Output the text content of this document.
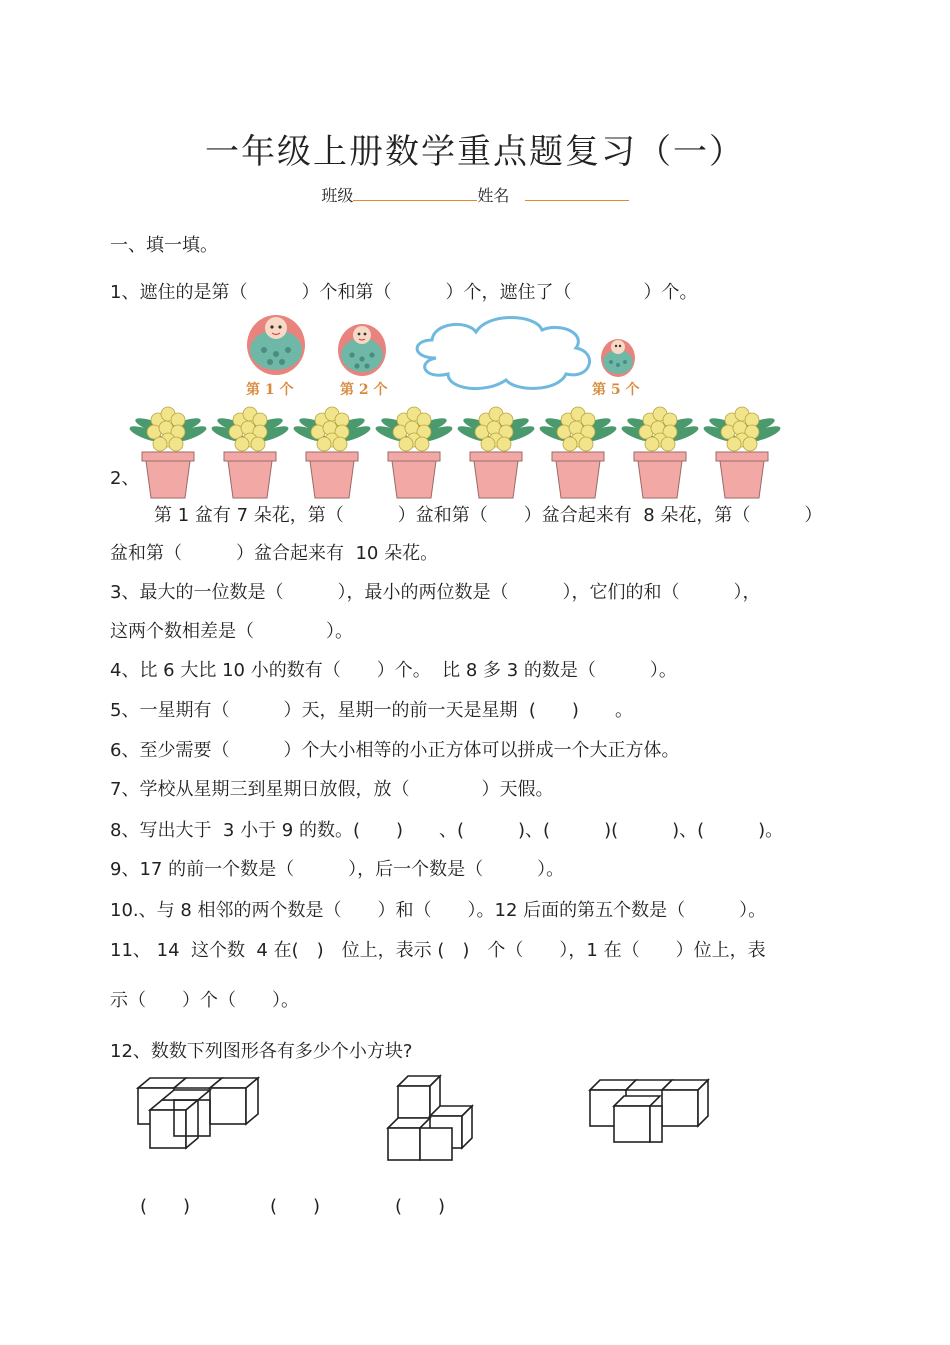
一年级上册数学重点题复习（一）
班级	姓名
一、填一填。
1、遮住的是第（　　　）个和第（　　　）个，遮住了（　　　　）个。
第 1 个	第 2 个	第 5 个
2、
第 1 盆有 7 朵花，第（　　　）盆和第（　　）盆合起来有  8 朵花，第（　　　）
盆和第（　　　）盆合起来有  10 朵花。
3、最大的一位数是（　　　），最小的两位数是（　　　），它们的和（　　　），
这两个数相差是（　　　　）。
4、比 6 大比 10 小的数有（　　）个。  比 8 多 3 的数是（　　　）。
5、一星期有（　　　）天，星期一的前一天是星期  (　　)　　。
6、至少需要（　　　）个大小相等的小正方体可以拼成一个大正方体。
7、学校从星期三到星期日放假，放（　　　　）天假。
8、写出大于  3 小于 9 的数。(　　)　　、(　　　)、(　　　)(　　　)、(　　　)。
9、17 的前一个数是（　　　），后一个数是（　　　）。
10.、与 8 相邻的两个数是（　　）和（　　）。12 后面的第五个数是（　　　）。
11、 14  这个数  4 在(　)　位上，表示 (　)　个（　　），1 在（　　）位上，表
示（　　）个（　　）。
12、数数下列图形各有多少个小方块?
(　　)	(　　)	(　　)
